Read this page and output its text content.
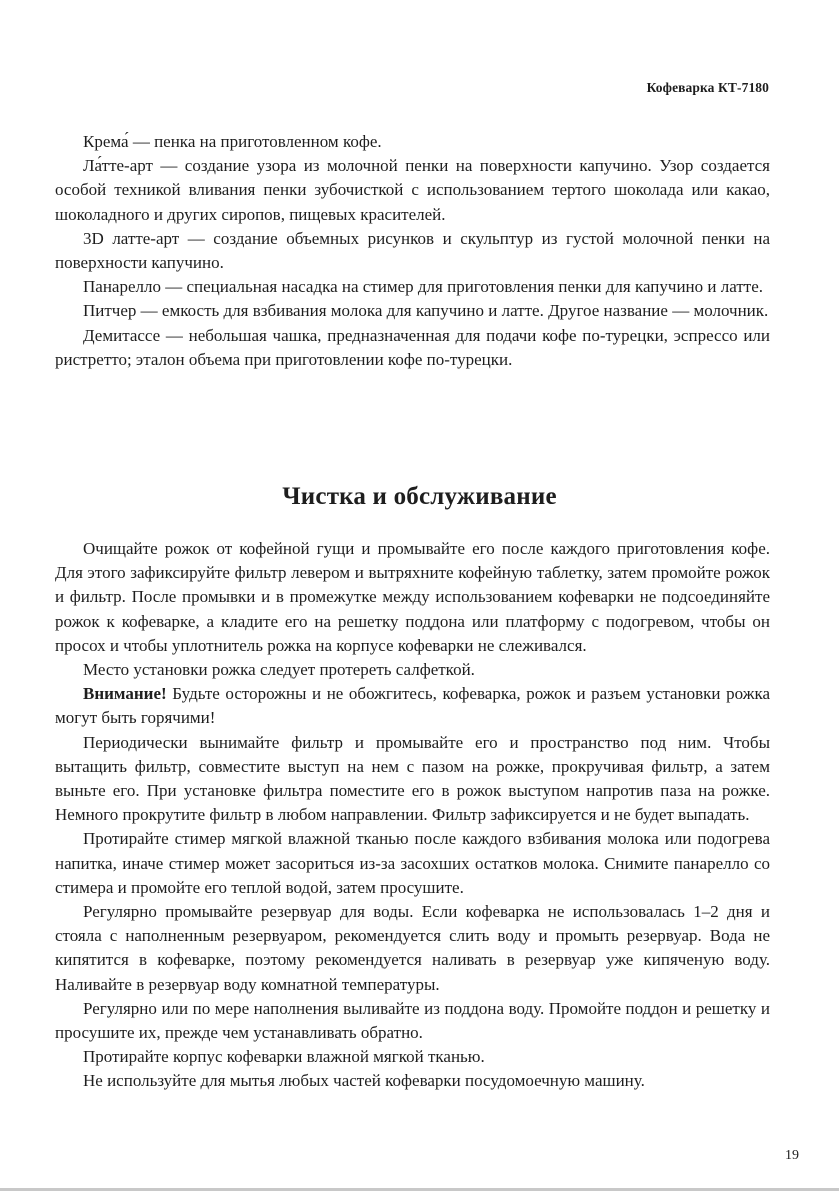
Кофеварка КТ-7180

Крема́ — пенка на приготовленном кофе.

Ла́тте-арт — создание узора из молочной пенки на поверхности капучино. Узор создается особой техникой вливания пенки зубочисткой с использованием тертого шоколада или какао, шоколадного и других сиропов, пищевых красителей.

3D латте-арт — создание объемных рисунков и скульптур из густой молочной пенки на поверхности капучино.

Панарелло — специальная насадка на стимер для приготовления пенки для капучино и латте.

Питчер — емкость для взбивания молока для капучино и латте. Другое название — молочник.

Демитассе — небольшая чашка, предназначенная для подачи кофе по-турецки, эспрессо или ристретто; эталон объема при приготовлении кофе по-турецки.

Чистка и обслуживание

Очищайте рожок от кофейной гущи и промывайте его после каждого приготовления кофе. Для этого зафиксируйте фильтр левером и вытряхните кофейную таблетку, затем промойте рожок и фильтр. После промывки и в промежутке между использованием кофеварки не подсоединяйте рожок к кофеварке, а кладите его на решетку поддона или платформу с подогревом, чтобы он просох и чтобы уплотнитель рожка на корпусе кофеварки не слеживался.

Место установки рожка следует протереть салфеткой.

Внимание! Будьте осторожны и не обожгитесь, кофеварка, рожок и разъем установки рожка могут быть горячими!

Периодически вынимайте фильтр и промывайте его и пространство под ним. Чтобы вытащить фильтр, совместите выступ на нем с пазом на рожке, прокручивая фильтр, а затем выньте его. При установке фильтра поместите его в рожок выступом напротив паза на рожке. Немного прокрутите фильтр в любом направлении. Фильтр зафиксируется и не будет выпадать.

Протирайте стимер мягкой влажной тканью после каждого взбивания молока или подогрева напитка, иначе стимер может засориться из-за засохших остатков молока. Снимите панарелло со стимера и промойте его теплой водой, затем просушите.

Регулярно промывайте резервуар для воды. Если кофеварка не использовалась 1–2 дня и стояла с наполненным резервуаром, рекомендуется слить воду и промыть резервуар. Вода не кипятится в кофеварке, поэтому рекомендуется наливать в резервуар уже кипяченую воду. Наливайте в резервуар воду комнатной температуры.

Регулярно или по мере наполнения выливайте из поддона воду. Промойте поддон и решетку и просушите их, прежде чем устанавливать обратно.

Протирайте корпус кофеварки влажной мягкой тканью.

Не используйте для мытья любых частей кофеварки посудомоечную машину.

19
